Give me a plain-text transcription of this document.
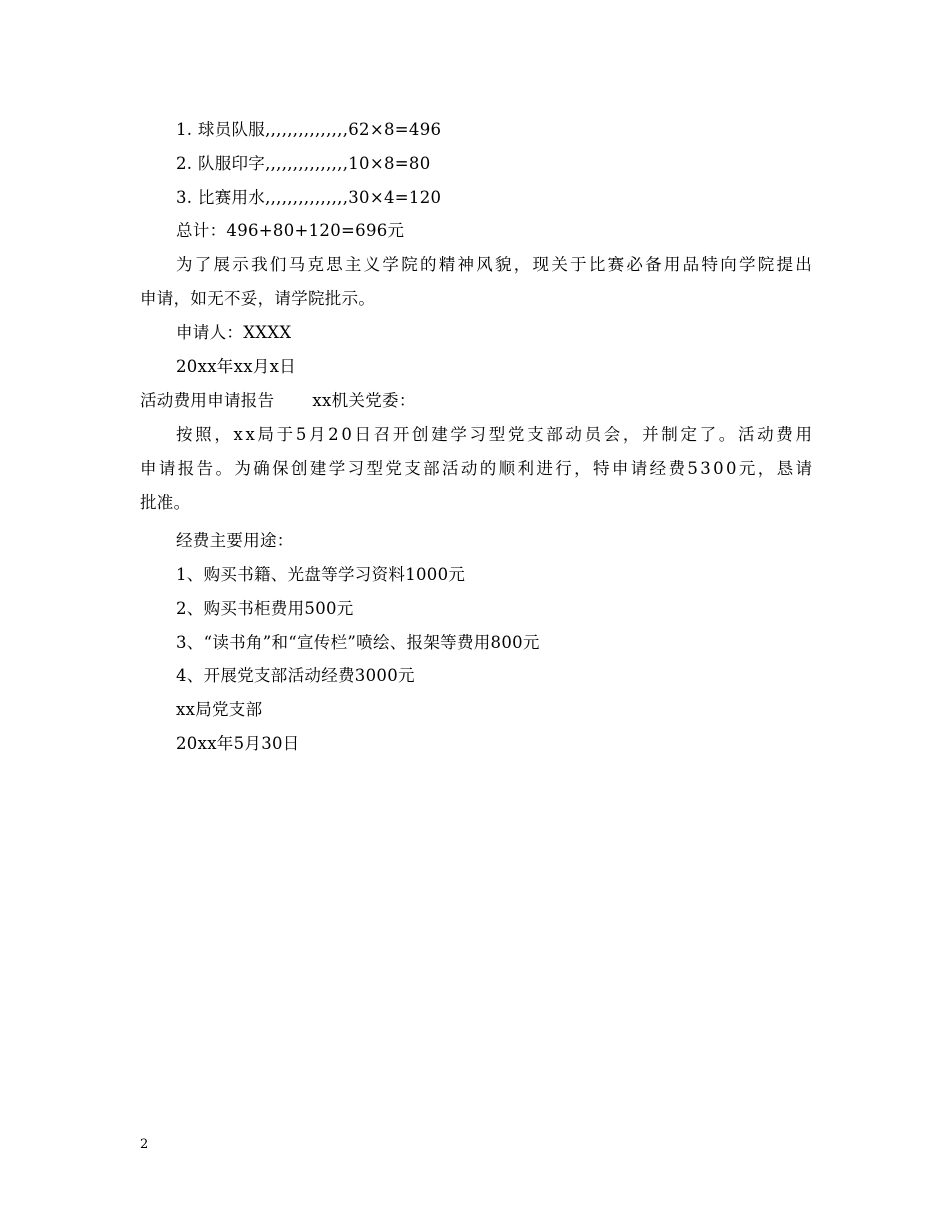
1. 球员队服,,,,,,,,,,,,,,,62×8=496
2. 队服印字,,,,,,,,,,,,,,,10×8=80
3. 比赛用水,,,,,,,,,,,,,,,30×4=120
总计：496+80+120=696元
为 了 展 示 我 们 马 克 思 主 义 学 院 的 精 神 风 貌 ， 现 关 于 比 赛 必 备 用 品 特 向 学 院 提 出
申请，如无不妥，请学院批示。
申请人：XXXX
20xx年xx月x日
活动费用申请报告 xx机关党委：
按 照 ， x x 局 于 5 月 2 0 日 召 开 创 建 学 习 型 党 支 部 动 员 会 ， 并 制 定 了 。 活 动 费 用
申 请 报 告 。 为 确 保 创 建 学 习 型 党 支 部 活 动 的 顺 利 进 行 ， 特 申 请 经 费 5 3 0 0 元 ， 恳 请
批准。
经费主要用途：
1、购买书籍、光盘等学习资料1000元
2、购买书柜费用500元
3、“读书角”和“宣传栏”喷绘、报架等费用800元
4、开展党支部活动经费3000元
xx局党支部
20xx年5月30日
2
